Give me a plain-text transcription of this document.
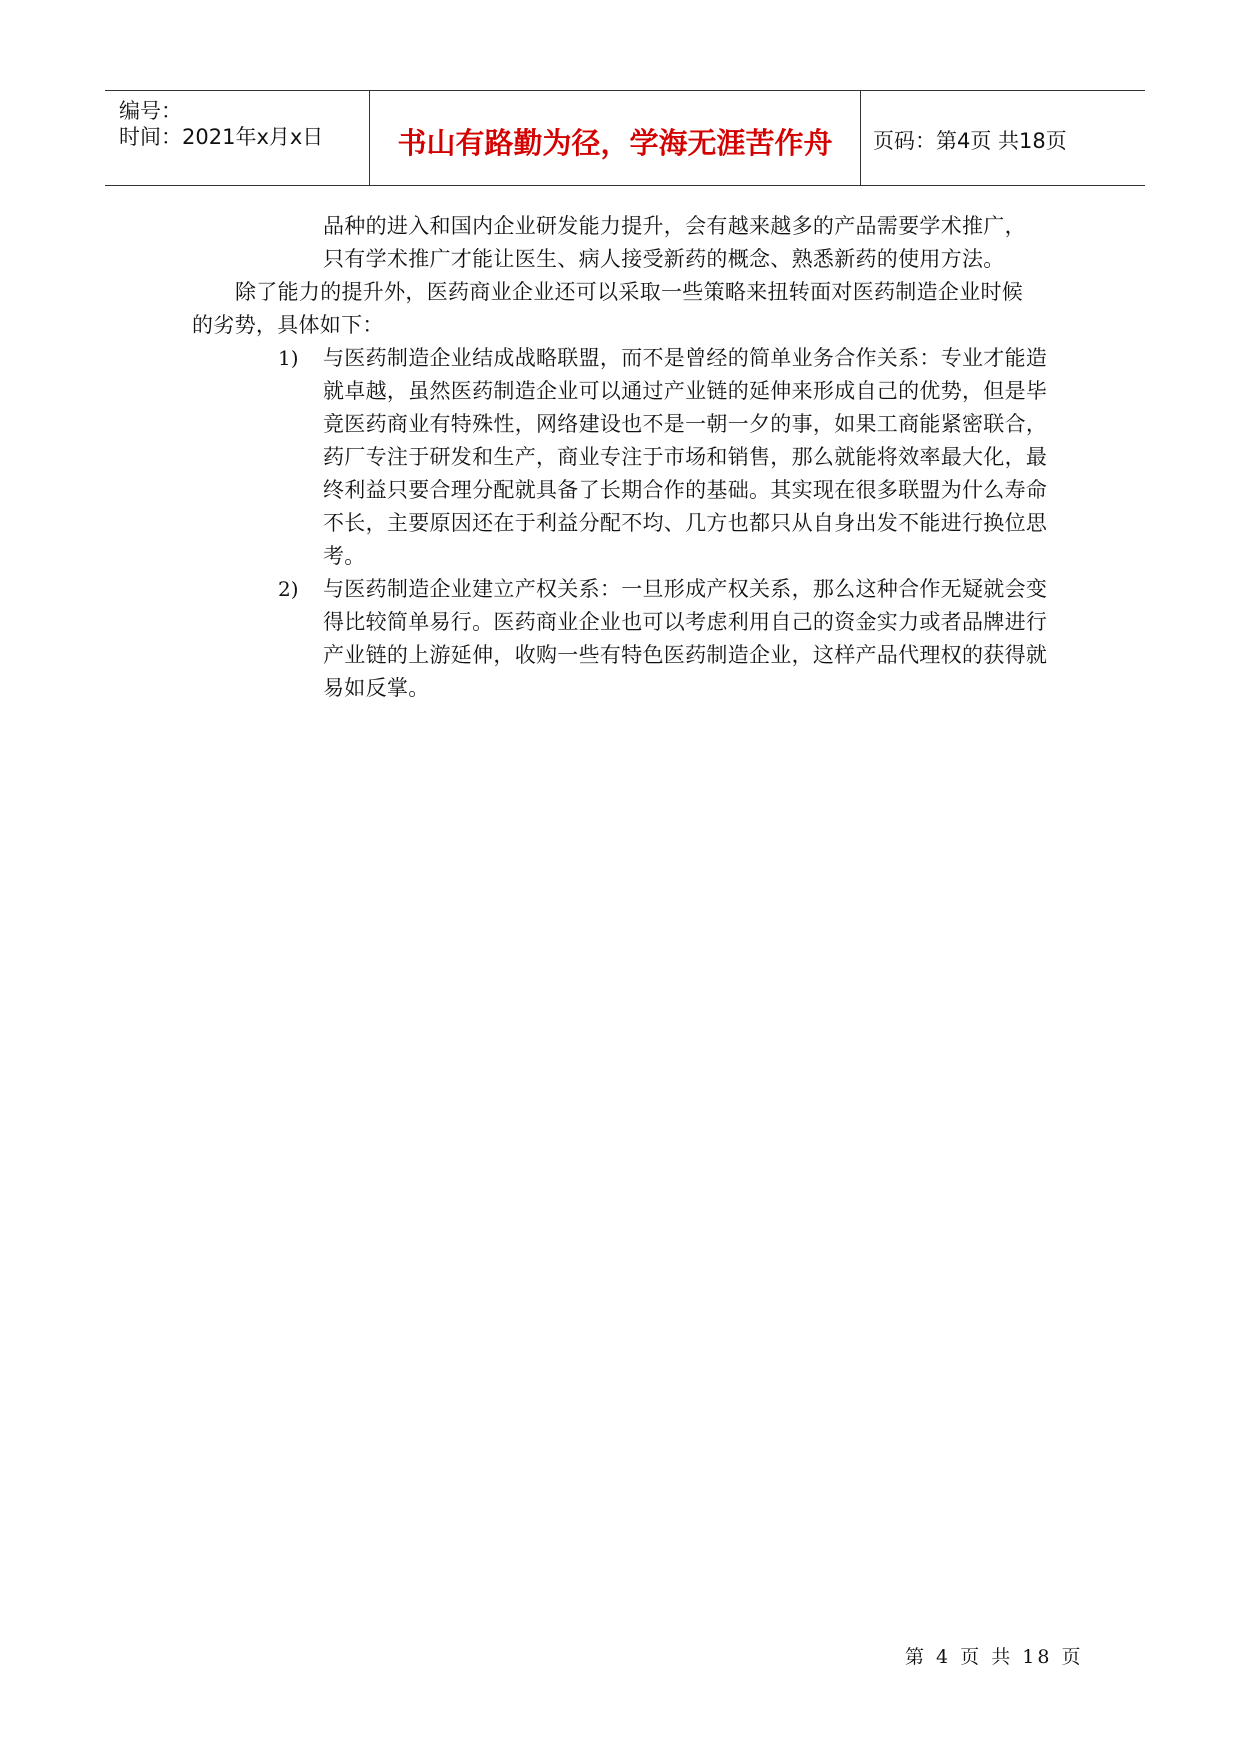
编号：
时间：2021年x月x日	书山有路勤为径，学海无涯苦作舟	页码：第4页 共18页
品种的进入和国内企业研发能力提升，会有越来越多的产品需要学术推广，
只有学术推广才能让医生、病人接受新药的概念、熟悉新药的使用方法。
除了能力的提升外，医药商业企业还可以采取一些策略来扭转面对医药制造企业时候
的劣势，具体如下：
1) 与医药制造企业结成战略联盟，而不是曾经的简单业务合作关系：专业才能造
就卓越，虽然医药制造企业可以通过产业链的延伸来形成自己的优势，但是毕
竟医药商业有特殊性，网络建设也不是一朝一夕的事，如果工商能紧密联合，
药厂专注于研发和生产，商业专注于市场和销售，那么就能将效率最大化，最
终利益只要合理分配就具备了长期合作的基础。其实现在很多联盟为什么寿命
不长，主要原因还在于利益分配不均、几方也都只从自身出发不能进行换位思
考。
2) 与医药制造企业建立产权关系：一旦形成产权关系，那么这种合作无疑就会变
得比较简单易行。医药商业企业也可以考虑利用自己的资金实力或者品牌进行
产业链的上游延伸，收购一些有特色医药制造企业，这样产品代理权的获得就
易如反掌。
第 4 页 共 18 页
